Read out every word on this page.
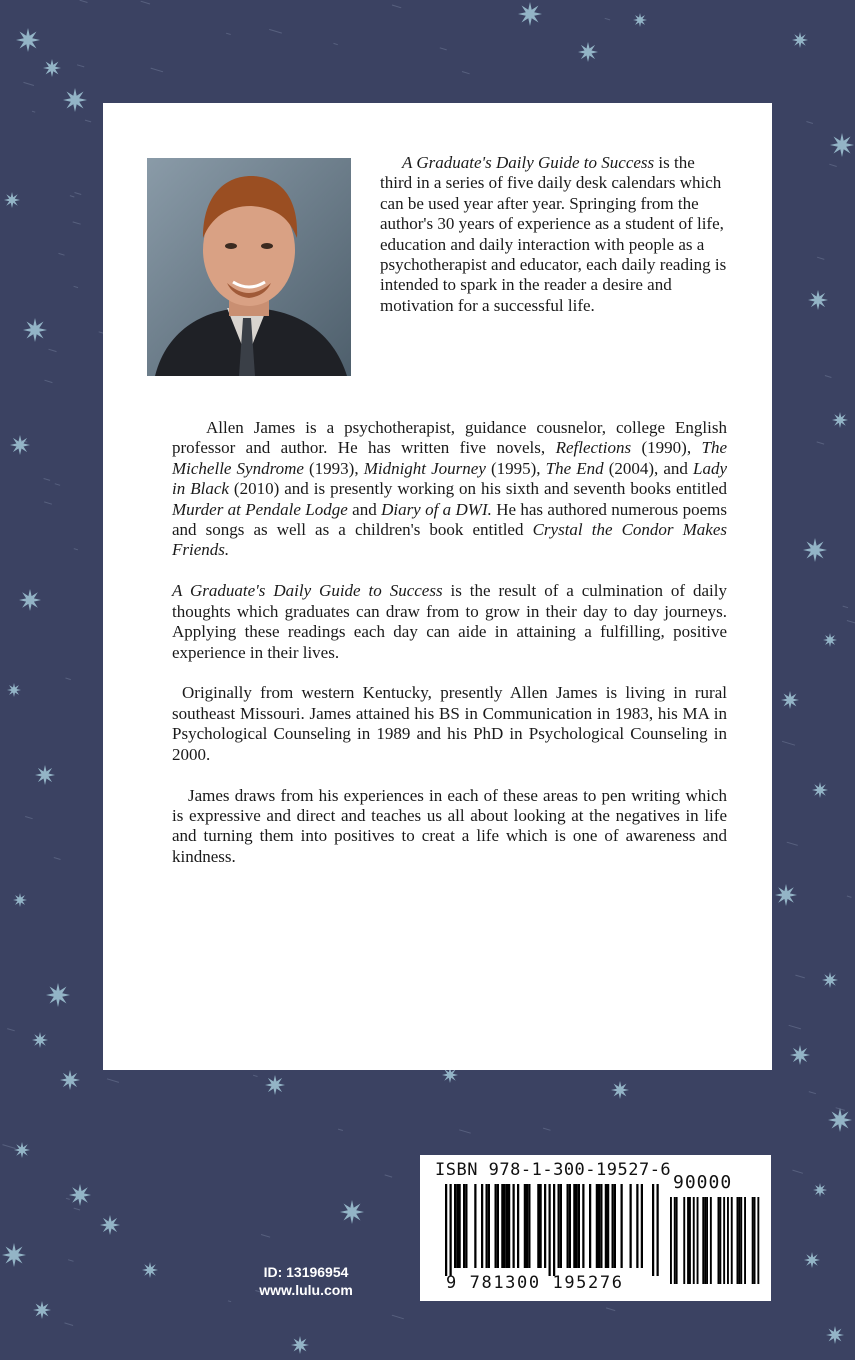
A Graduate's Daily Guide to Success is the third in a series of five daily desk calendars which can be used year after year. Springing from the author's 30 years of experience as a student of life, education and daily interaction with people as a psychotherapist and educator, each daily reading is intended to spark in the reader a desire and motivation for a successful life.

Allen James is a psychotherapist, guidance cousnelor, college English professor and author. He has written five novels, Reflections (1990), The Michelle Syndrome (1993), Midnight Journey (1995), The End (2004), and Lady in Black (2010) and is presently working on his sixth and seventh books entitled Murder at Pendale Lodge and Diary of a DWI. He has authored numerous poems and songs as well as a children's book entitled Crystal the Condor Makes Friends.

A Graduate's Daily Guide to Success is the result of a culmination of daily thoughts which graduates can draw from to grow in their day to day journeys. Applying these readings each day can aide in attaining a fulfilling, positive experience in their lives.

Originally from western Kentucky, presently Allen James is living in rural southeast Missouri. James attained his BS in Communication in 1983, his MA in Psychological Counseling in 1989 and his PhD in Psychological Counseling in 2000.

James draws from his experiences in each of these areas to pen writing which is expressive and direct and teaches us all about looking at the negatives in life and turning them into positives to creat a life which is one of awareness and kindness.

ISBN 978-1-300-19527-6
90000
9 781300 195276
ID: 13196954
www.lulu.com
